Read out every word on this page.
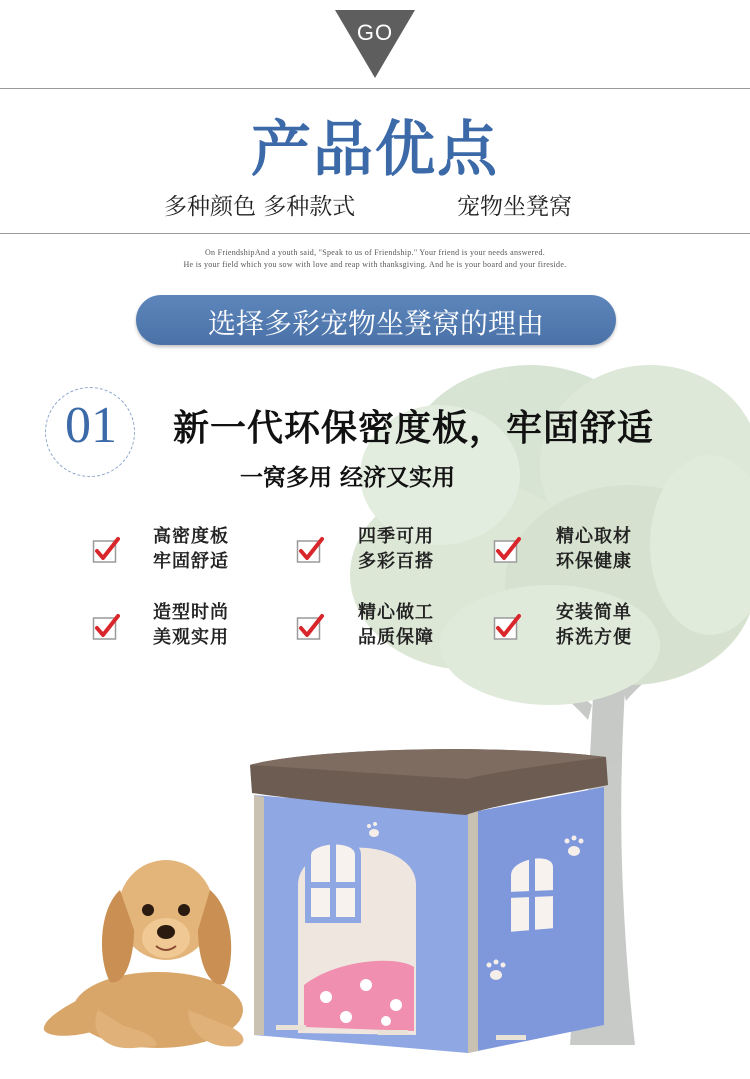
GO
产品优点
多种颜色 多种款式	宠物坐凳窝
On FriendshipAnd a youth said, "Speak to us of Friendship." Your friend is your needs answered.
He is your field which you sow with love and reap with thanksgiving. And he is your board and your fireside.
选择多彩宠物坐凳窝的理由
01	新一代环保密度板，牢固舒适
一窝多用 经济又实用
高密度板
牢固舒适
四季可用
多彩百搭
精心取材
环保健康
造型时尚
美观实用
精心做工
品质保障
安装简单
拆洗方便
